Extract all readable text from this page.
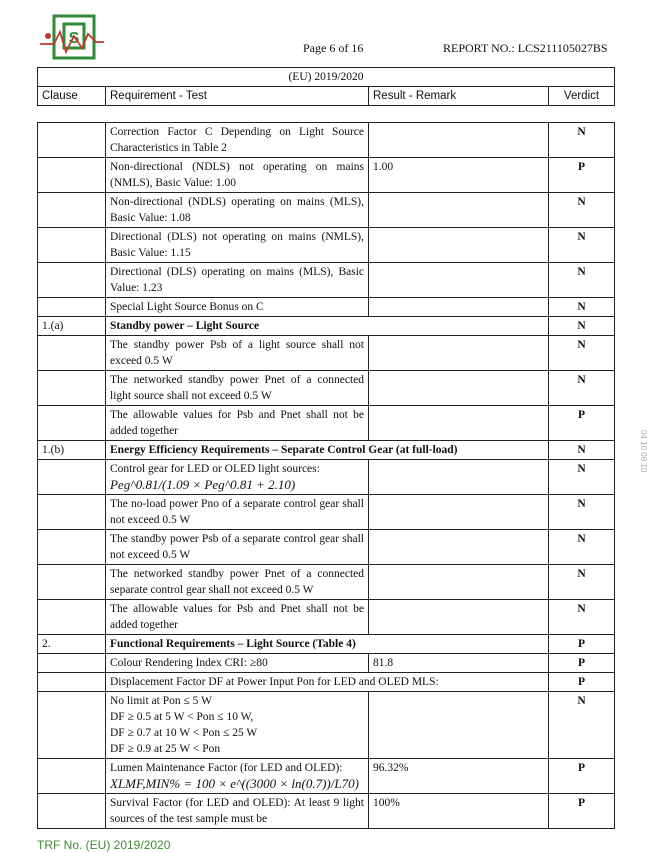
S
Page 6 of 16	REPORT NO.: LCS211105027BS
(EU) 2019/2020
Clause	Requirement - Test	Result - Remark	Verdict

	Correction Factor C Depending on Light Source Characteristics in Table 2		N

	Non-directional (NDLS) not operating on mains (NMLS), Basic Value: 1.00	1.00	P

	Non-directional (NDLS) operating on mains (MLS), Basic Value: 1.08		N

	Directional (DLS) not operating on mains (NMLS), Basic Value: 1.15		N

	Directional (DLS) operating on mains (MLS), Basic Value: 1.23		N

	Special Light Source Bonus on C		N
1.(a)	Standby power – Light Source		N

	The standby power Psb of a light source shall not exceed 0.5 W		N

	The networked standby power Pnet of a connected light source shall not exceed 0.5 W		N

	The allowable values for Psb and Pnet shall not be added together		P
1.(b)	Energy Efficiency Requirements – Separate Control Gear (at full-load)		N

	Control gear for LED or OLED light sources:
Peg^0.81/(1.09 × Peg^0.81 + 2.10)		N

	The no-load power Pno of a separate control gear shall not exceed 0.5 W		N

	The standby power Psb of a separate control gear shall not exceed 0.5 W		N

	The networked standby power Pnet of a connected separate control gear shall not exceed 0.5 W		N

	The allowable values for Psb and Pnet shall not be added together		N
2.	Functional Requirements – Light Source (Table 4)		P

	Colour Rendering Index CRI: ≥80	81.8	P

	Displacement Factor DF at Power Input Pon for LED and OLED MLS:		P

	No limit at Pon ≤ 5 W
DF ≥ 0.5 at 5 W < Pon ≤ 10 W,
DF ≥ 0.7 at 10 W < Pon ≤ 25 W
DF ≥ 0.9 at 25 W < Pon		N

	Lumen Maintenance Factor (for LED and OLED):
XLMF,MIN% = 100 × e^((3000 × ln(0.7))/L70)	96.32%	P

	Survival Factor (for LED and OLED): At least 9 light sources of the test sample must be	100%	P
TRF No. (EU) 2019/2020
04 10 09 10
